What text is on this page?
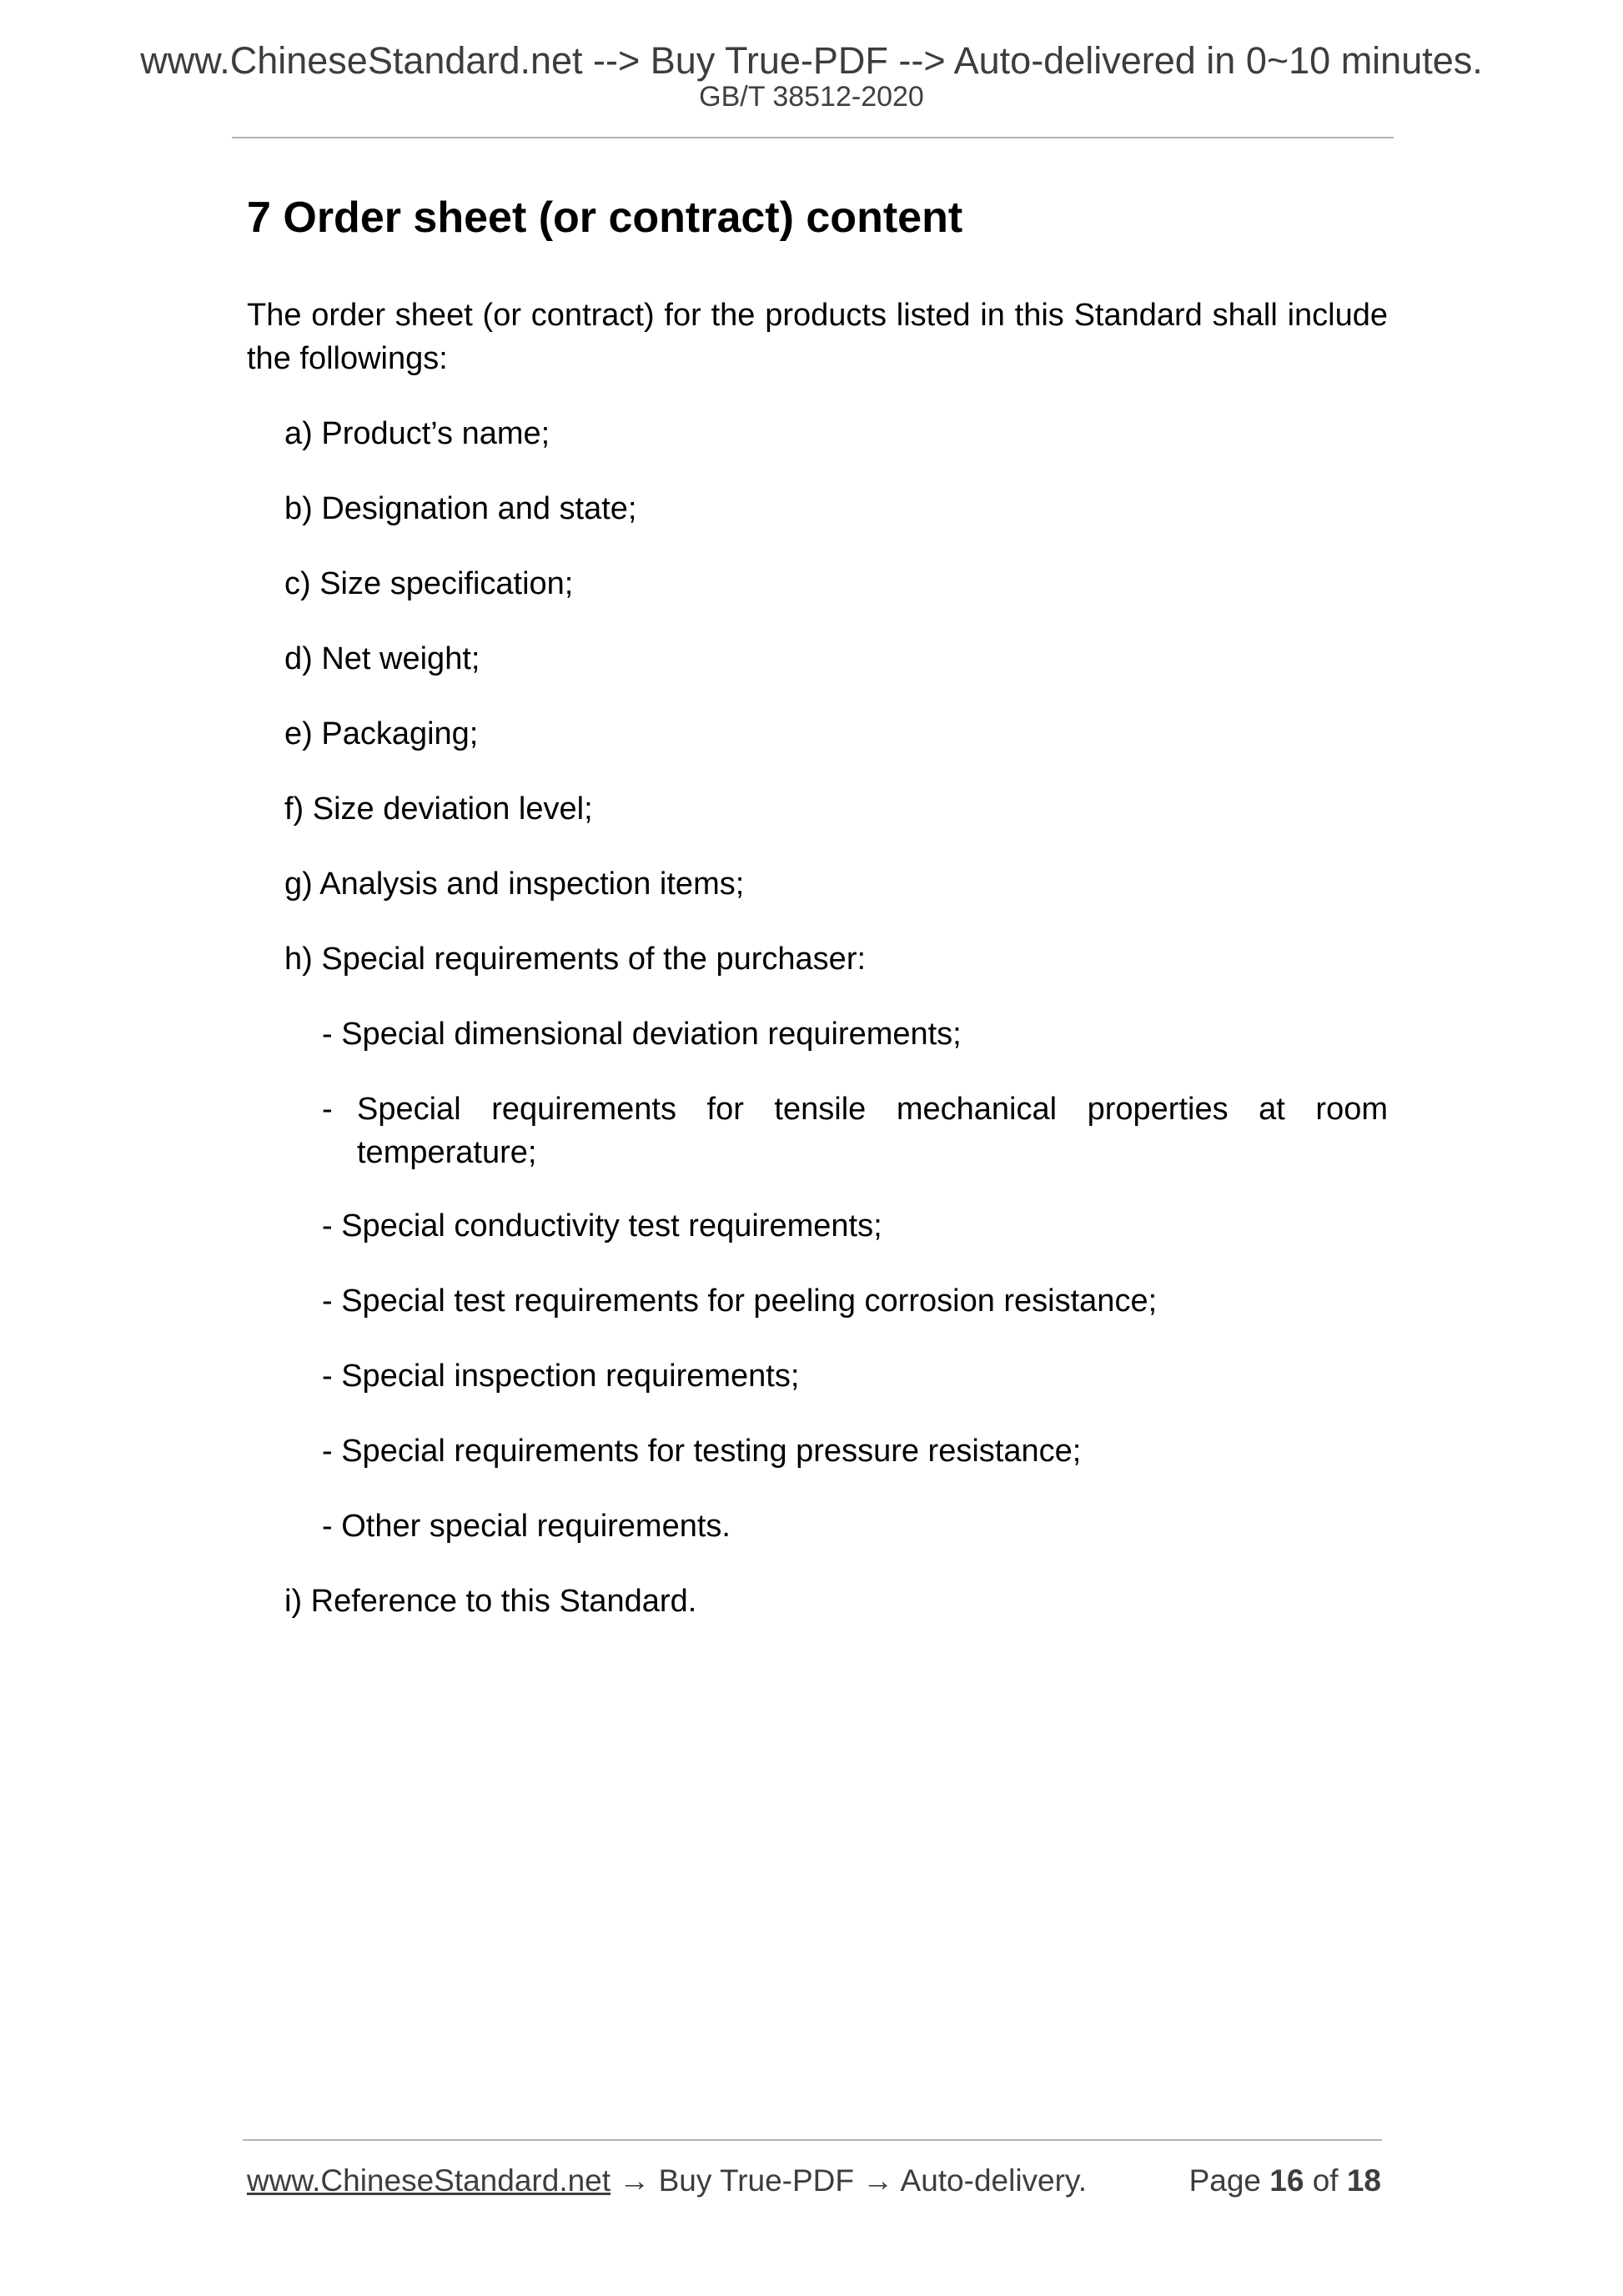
www.ChineseStandard.net --> Buy True-PDF --> Auto-delivered in 0~10 minutes.
GB/T 38512-2020
7 Order sheet (or contract) content

The order sheet (or contract) for the products listed in this Standard shall include the followings:

a) Product’s name;

b) Designation and state;

c) Size specification;

d) Net weight;

e) Packaging;

f) Size deviation level;

g) Analysis and inspection items;

h) Special requirements of the purchaser:

- Special dimensional deviation requirements;

- Special requirements for tensile mechanical properties at room temperature;

- Special conductivity test requirements;

- Special test requirements for peeling corrosion resistance;

- Special inspection requirements;

- Special requirements for testing pressure resistance;

- Other special requirements.

i) Reference to this Standard.

www.ChineseStandard.net → Buy True-PDF → Auto-delivery.	Page 16 of 18
